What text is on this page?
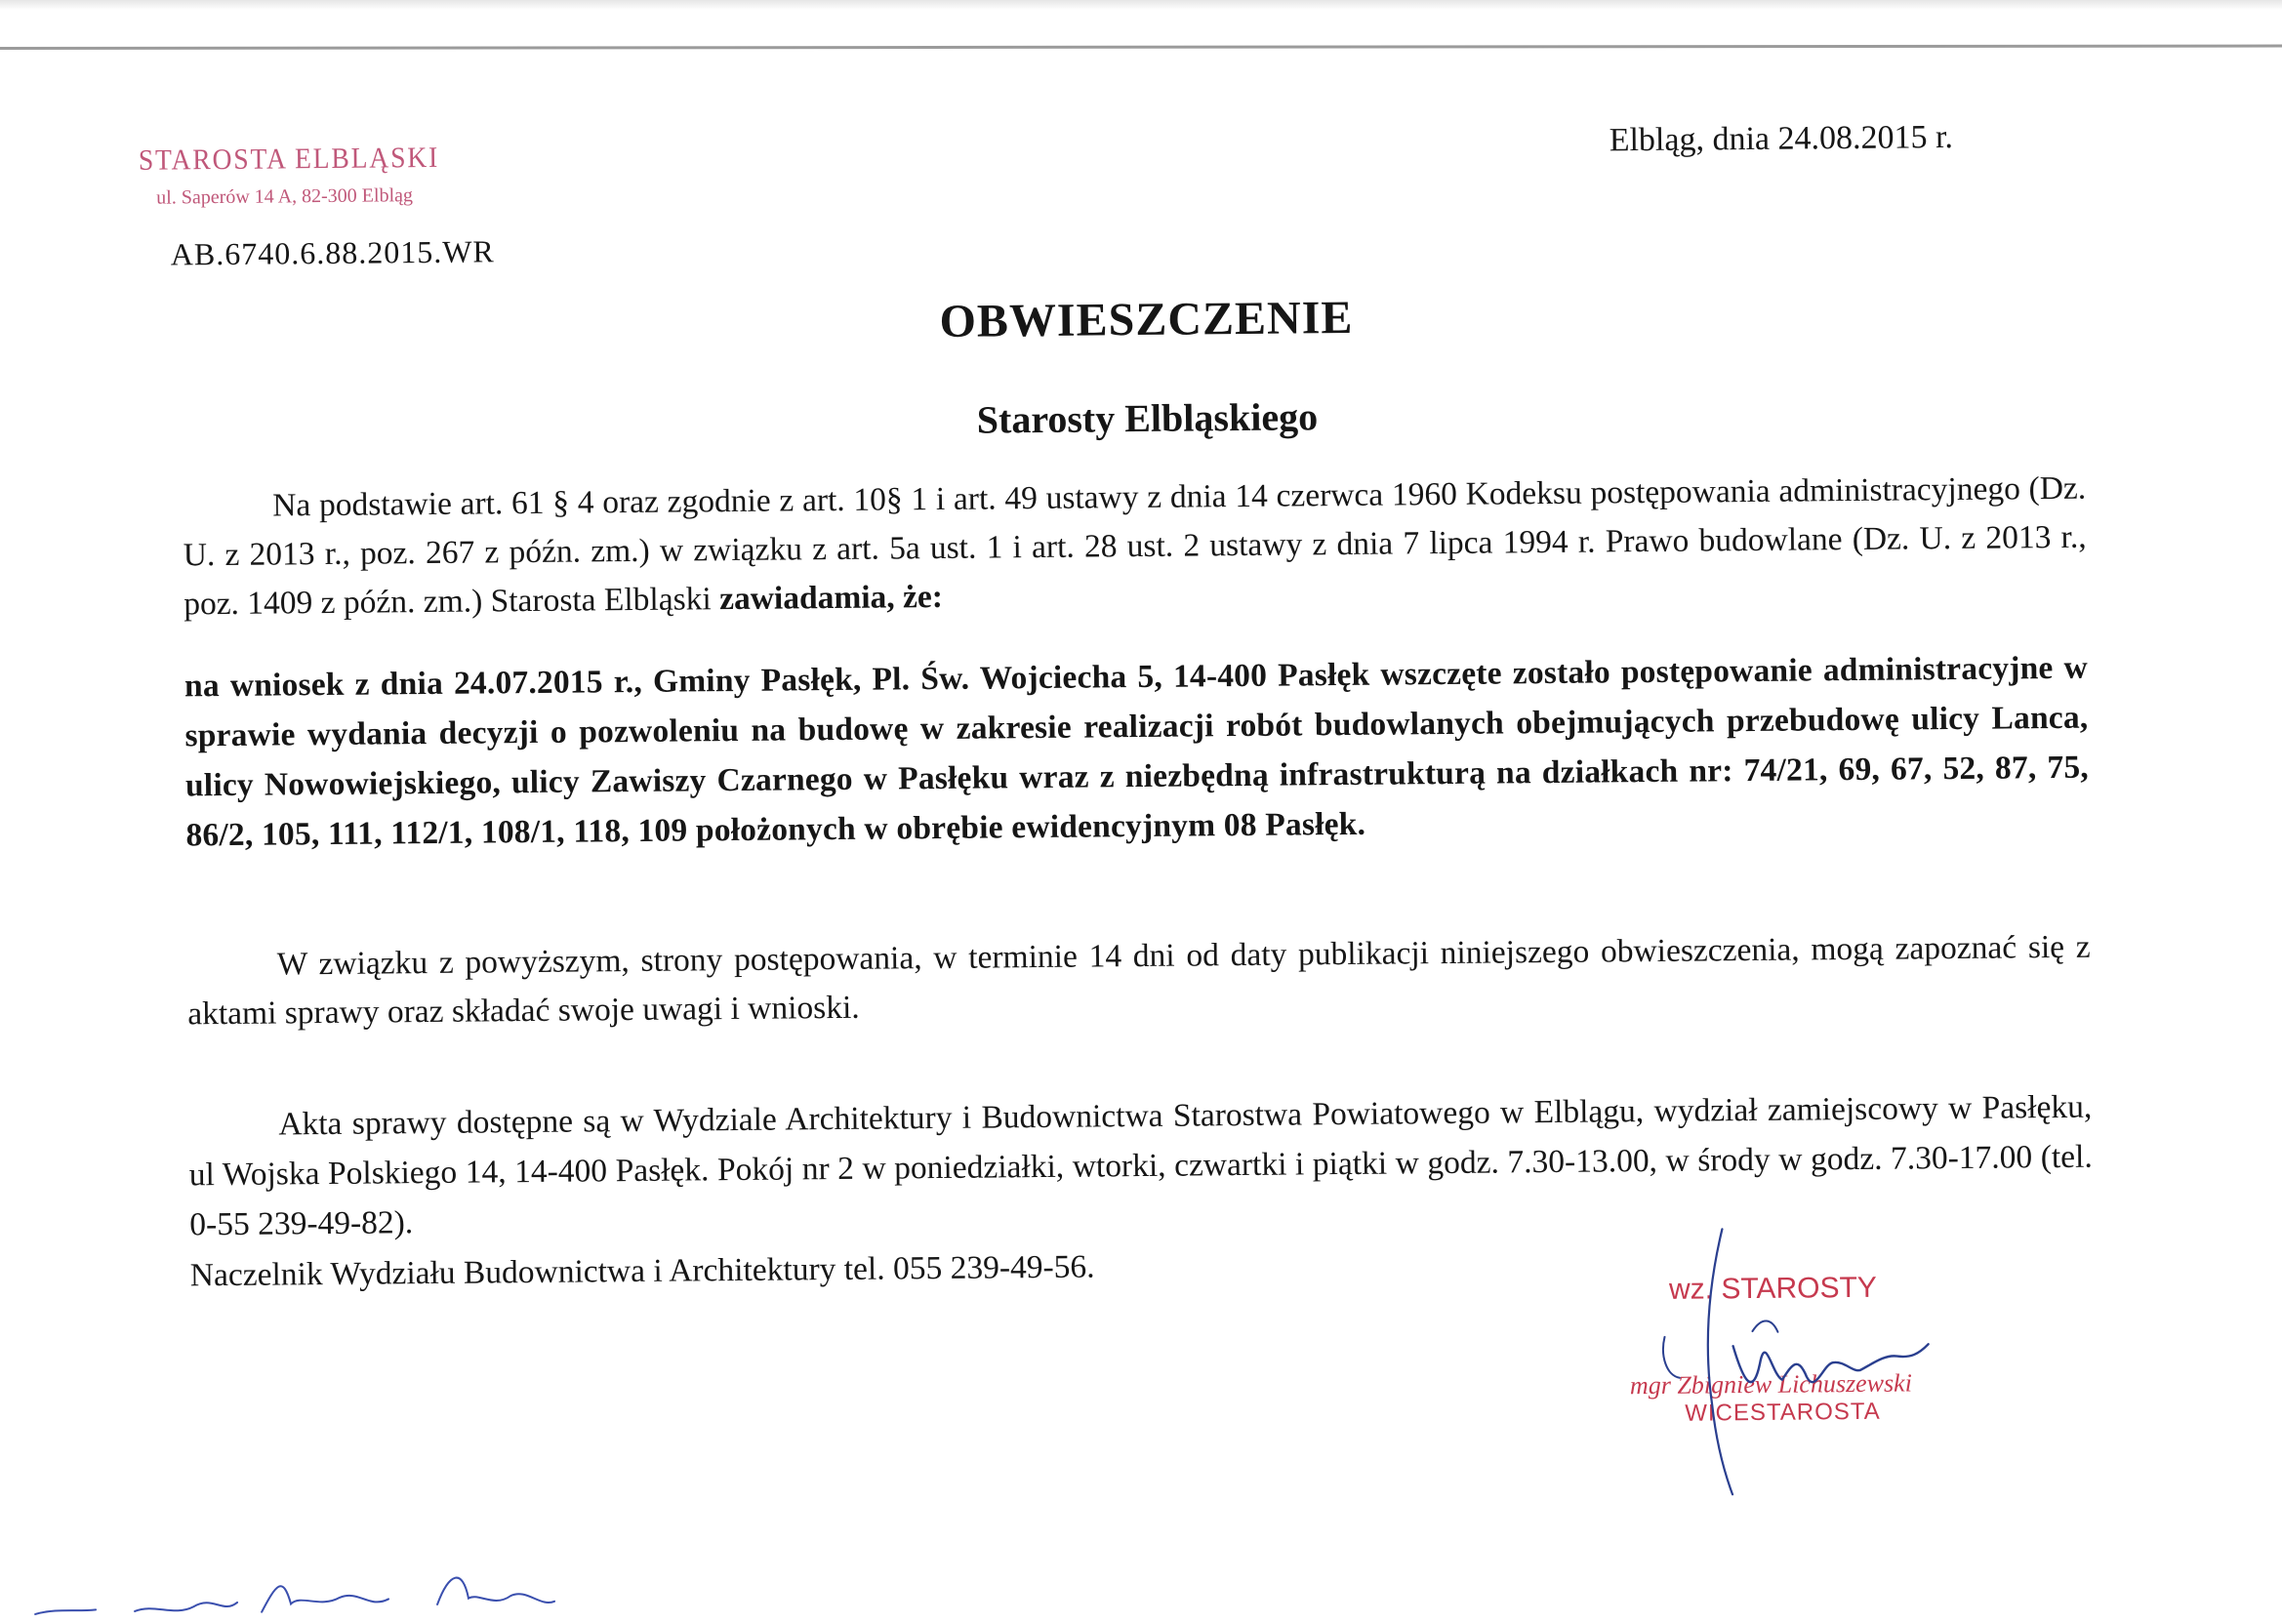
STAROSTA ELBLĄSKI
ul. Saperów 14 A, 82-300 Elbląg
Elbląg, dnia 24.08.2015 r.
AB.6740.6.88.2015.WR
OBWIESZCZENIE
Starosty Elbląskiego
Na podstawie art. 61 § 4 oraz zgodnie z art. 10§ 1 i art. 49 ustawy z dnia 14 czerwca 1960 Kodeksu postępowania administracyjnego (Dz. U. z 2013 r., poz. 267 z późn. zm.) w związku z art. 5a ust. 1 i art. 28 ust. 2 ustawy z dnia 7 lipca 1994 r. Prawo budowlane (Dz. U. z 2013 r., poz. 1409 z późn. zm.) Starosta Elbląski zawiadamia, że:
na wniosek z dnia 24.07.2015 r., Gminy Pasłęk, Pl. Św. Wojciecha 5, 14-400 Pasłęk wszczęte zostało postępowanie administracyjne w sprawie wydania decyzji o pozwoleniu na budowę w zakresie realizacji robót budowlanych obejmujących przebudowę ulicy Lanca, ulicy Nowowiejskiego, ulicy Zawiszy Czarnego w Pasłęku wraz z niezbędną infrastrukturą na działkach nr: 74/21, 69, 67, 52, 87, 75, 86/2, 105, 111, 112/1, 108/1, 118, 109 położonych w obrębie ewidencyjnym 08 Pasłęk.
W związku z powyższym, strony postępowania, w terminie 14 dni od daty publikacji niniejszego obwieszczenia, mogą zapoznać się z aktami sprawy oraz składać swoje uwagi i wnioski.
Akta sprawy dostępne są w Wydziale Architektury i Budownictwa Starostwa Powiatowego w Elblągu, wydział zamiejscowy w Pasłęku, ul Wojska Polskiego 14, 14-400 Pasłęk. Pokój nr 2 w poniedziałki, wtorki, czwartki i piątki w godz. 7.30-13.00, w środy w godz. 7.30-17.00 (tel. 0-55 239-49-82).
Naczelnik Wydziału Budownictwa i Architektury tel. 055 239-49-56.	wz. STAROSTY
mgr Zbigniew Lichuszewski
WICESTAROSTA
